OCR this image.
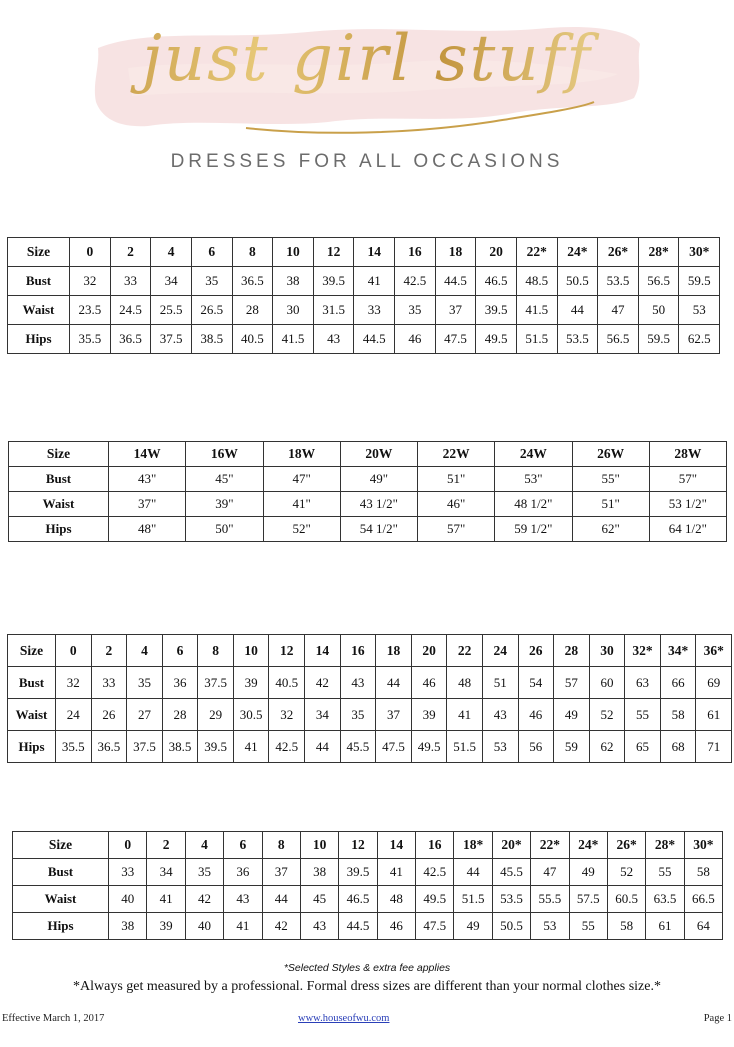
just girl stuff
DRESSES FOR ALL OCCASIONS
Size	0	2	4	6	8	10	12	14	16	18	20	22*	24*	26*	28*	30*
Bust	32	33	34	35	36.5	38	39.5	41	42.5	44.5	46.5	48.5	50.5	53.5	56.5	59.5
Waist	23.5	24.5	25.5	26.5	28	30	31.5	33	35	37	39.5	41.5	44	47	50	53
Hips	35.5	36.5	37.5	38.5	40.5	41.5	43	44.5	46	47.5	49.5	51.5	53.5	56.5	59.5	62.5
Size	14W	16W	18W	20W	22W	24W	26W	28W
Bust	43"	45"	47"	49"	51"	53"	55"	57"
Waist	37"	39"	41"	43 1/2"	46"	48 1/2"	51"	53 1/2"
Hips	48"	50"	52"	54 1/2"	57"	59 1/2"	62"	64 1/2"
Size	0	2	4	6	8	10	12	14	16	18	20	22	24	26	28	30	32*	34*	36*
Bust	32	33	35	36	37.5	39	40.5	42	43	44	46	48	51	54	57	60	63	66	69
Waist	24	26	27	28	29	30.5	32	34	35	37	39	41	43	46	49	52	55	58	61
Hips	35.5	36.5	37.5	38.5	39.5	41	42.5	44	45.5	47.5	49.5	51.5	53	56	59	62	65	68	71
Size	0	2	4	6	8	10	12	14	16	18*	20*	22*	24*	26*	28*	30*
Bust	33	34	35	36	37	38	39.5	41	42.5	44	45.5	47	49	52	55	58
Waist	40	41	42	43	44	45	46.5	48	49.5	51.5	53.5	55.5	57.5	60.5	63.5	66.5
Hips	38	39	40	41	42	43	44.5	46	47.5	49	50.5	53	55	58	61	64
*Selected Styles & extra fee applies
*Always get measured by a professional. Formal dress sizes are different than your normal clothes size.*
Effective March 1, 2017	www.houseofwu.com	Page 1
